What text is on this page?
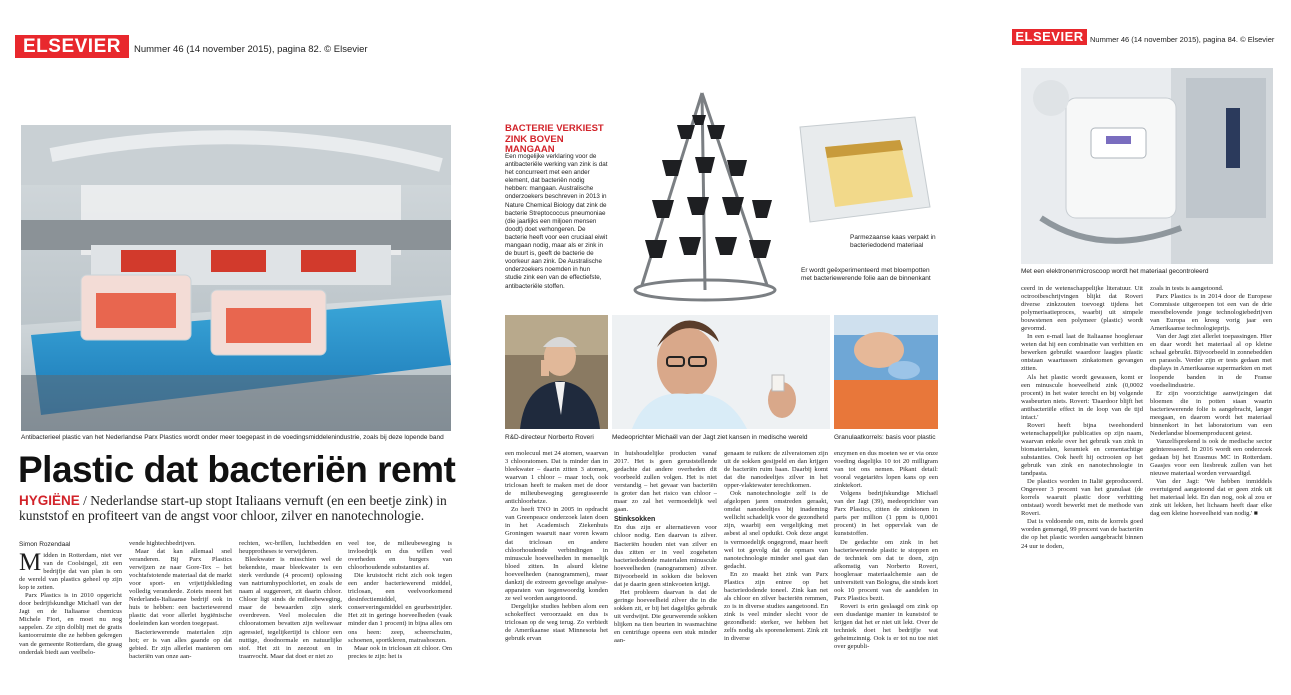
ELSEVIER	Nummer 46 (14 november 2015), pagina 82. © Elsevier
Antibacterieel plastic van het Nederlandse Parx Plastics wordt onder meer toegepast in de voedingsmiddelenindustrie, zoals bij deze lopende band
BACTERIE VERKIEST
ZINK BOVEN MANGAAN
Een mogelijke verklaring voor de antibacteriële werking van zink is dat het concurreert met een ander element, dat bacteriën nodig hebben: mangaan. Australische onderzoekers beschreven in 2013 in Nature Chemical Biology dat zink de bacterie Streptococcus pneumoniae (die jaarlijks een miljoen mensen doodt) doet verhongeren. De bacterie heeft voor een cruciaal eiwit mangaan nodig, maar als er zink in de buurt is, geeft de bacterie de voorkeur aan zink. De Australische onderzoekers noemden in hun studie zink een van de effectiefste, antibacteriële stoffen.
Er wordt geëxperimenteerd met bloempotten met bacteriewerende folie aan de binnenkant
Parmezaanse kaas verpakt in bacteriedodend materiaal
R&D-directeur Norberto Roveri	Medeoprichter Michaël van der Jagt ziet kansen in medische wereld	Granulaatkorrels: basis voor plastic
ELSEVIER Nummer 46 (14 november 2015), pagina 84. © Elsevier
Met een elektronenmicroscoop wordt het materiaal gecontroleerd
Plastic dat bacteriën remt
HYGIËNE / Nederlandse start-up stopt Italiaans vernuft (en een beetje zink) in kunststof en profiteert van de angst voor chloor, zilver en nanotechnologie.
Simon Rozendaal

Midden in Rotterdam, niet ver van de Coolsingel, zit een bedrijfje dat van plan is om de wereld van plastics geheel op zijn kop te zetten.

Parx Plastics is in 2010 opgericht door bedrijfskundige Michaël van der Jagt en de Italiaanse chemicus Michele Fiori, en moet nu nog sappelen. Ze zijn dolblij met de gratis kantoorruimte die ze hebben gekregen van de gemeente Rotterdam, die graag onderdak biedt aan veelbelo-

vende hightechbedrijven.

Maar dat kan allemaal snel veranderen. Bij Parx Plastics verwijzen ze naar Gore-Tex – het vochtafstotende materiaal dat de markt voor sport- en vrijetijdskleding volledig veranderde. Zoiets meent het Nederlands-Italiaanse bedrijf ook in huis te hebben: een bacteriewerend plastic dat voor allerlei hygiënische doeleinden kan worden toegepast.

Bacteriewerende materialen zijn hot; er is van alles gaande op dat gebied. Er zijn allerlei manieren om bacteriën van onze aan-

rechten, wc-brillen, luchtbedden en heupprotheses te verwijderen.

Bleekwater is misschien wel de bekendste, maar bleekwater is een sterk verdunde (4 procent) oplossing van natriumhypochloriet, en zoals de naam al suggereert, zit daarin chloor. Chloor ligt sinds de milieubeweging, maar de bewaarden zijn sterk overdreven. Veel moleculen die chlooratomen bevatten zijn weliswaar agressief, tegelijkertijd is chloor een nuttige, doodnormale en natuurlijke stof. Het zit in zeezout en in traanvocht. Maar dat doet er niet zo

veel toe, de milieubeweging is invloedrijk en dus willen veel overheden en burgers van chloorhoudende substanties af.

Die kruistocht richt zich ook tegen een ander bacteriewerend middel, triclosan, een veelvoorkomend desinfectiemiddel, conserveringsmiddel en geurbestrijder. Het zit in geringe hoeveelheden (vaak minder dan 1 procent) in bijna alles om ons heen: zeep, scheerschuim, schoenen, sportkleren, matrashoezen.

Maar ook in triclosan zit chloor. Om precies te zijn: het is

een molecuul met 24 atomen, waarvan 3 chlooratomen. Dat is minder dan in bleekwater – daarin zitten 3 atomen, waarvan 1 chloor – maar toch, ook triclosan heeft te maken met de door de milieubeweging geregisseerde antichloorhetze.

Zo heeft TNO in 2005 in opdracht van Greenpeace onderzoek laten doen in het Academisch Ziekenhuis Groningen waaruit naar voren kwam dat triclosan en andere chloorhoudende verbindingen in minuscule hoeveelheden in menselijk bloed zitten. In alsurd kleine hoeveelheden (nanogrammen), maar dankzij de extreem gevoelige analyse-apparaten van tegenwoordig konden ze wel worden aangetoond.

Dergelijke studies hebben alom een schokeffect veroorzaakt en dus is triclosan op de weg terug. Zo verbiedt de Amerikaanse staat Minnesota het gebruik ervan

in huishoudelijke producten vanaf 2017. Het is geen geruststellende gedachte dat andere overheden dit voorbeeld zullen volgen. Het is niet verstandig – het gevaar van bacteriën is groter dan het risico van chloor – maar zo zal het vermoedelijk wel gaan.

Stinksokken

En dus zijn er alternatieven voor chloor nodig. Een daarvan is zilver. Bacteriën houden niet van zilver en dus zitten er in veel zogeheten bacteriedodende materialen minuscule hoeveelheden (nanogrammen) zilver. Bijvoorbeeld in sokken die beloven dat je daarin geen stinkvoeten krijgt.

Het probleem daarvan is dat de geringe hoeveelheid zilver die in die sokken zit, er bij het dagelijks gebruik uit verdwijnt. Die geurwerende sokken blijken na tien beurten in wasmachine en centrifuge opeens een stuk minder aan-

genaam te ruiken: de zilveratomen zijn uit de sokken gesijpeld en dan krijgen de bacteriën ruim baan. Daarbij komt dat die nanodeeltjes zilver in het opper-vlaktewater terechtkomen.

Ook nanotechnologie zelf is de afgelopen jaren omstreden geraakt, omdat nanodeeltjes bij inademing wellicht schadelijk voor de gezondheid zijn, waarbij een vergelijking met asbest al snel opduikt. Ook deze angst is vermoedelijk ongegrond, maar heeft wel tot gevolg dat de opmars van nanotechnologie minder snel gaat dan gedacht.

En zo maakt het zink van Parx Plastics zijn entree op het bacteriedodende toneel. Zink kan net als chloor en zilver bacteriën remmen, zo is in diverse studies aangetoond. En zink is veel minder slecht voor de gezondheid: sterker, we hebben het zelfs nodig als sporenelement. Zink zit in diverse

enzymen en dus moeten we er via onze voeding dagelijks 10 tot 20 milligram van tot ons nemen. Pikant detail: vooral vegetariërs lopen kans op een zinktekort.

Volgens bedrijfskundige Michaël van der Jagt (39), medeoprichter van Parx Plastics, zitten de zinkionen in parts per million (1 ppm is 0,0001 procent) in het oppervlak van de kunststoffen.

De gedachte om zink in het bacteriewerende plastic te stoppen en de techniek om dat te doen, zijn afkomstig van Norberto Roveri, hoogleraar materiaalchemie aan de universiteit van Bologna, die sinds kort ook 10 procent van de aandelen in Parx Plastics bezit.

Roveri is erin geslaagd om zink op een dusdanige manier in kunststof te krijgen dat het er niet uit lekt. Over de techniek doet het bedrijfje wat geheimzinnig. Ook is er tot nu toe niet over gepubli-

ceerd in de wetenschappelijke literatuur. Uit octrooibeschrijvingen blijkt dat Roveri diverse zinkzouten toevoegt tijdens het polymerisatieproces, waarbij uit simpele bouwstenen een polymeer (plastic) wordt gevormd.

In een e-mail laat de Italiaanse hoogleraar weten dat hij een combinatie van verhitten en bewerken gebruikt waardoor laagjes plastic ontstaan waartussen zinkatomen gevangen zitten.

Als het plastic wordt gewassen, komt er een minuscule hoeveelheid zink (0,0002 procent) in het water terecht en bij volgende wasbeurten niets. Roveri: 'Daardoor blijft het antibacteriële effect in de loop van de tijd intact.'

Roveri heeft bijna tweehonderd wetenschappelijke publicaties op zijn naam, waarvan enkele over het gebruik van zink in biomaterialen, keramiek en cementachtige substanties. Ook heeft hij octrooien op het gebruik van zink en nanotechnologie in tandpasta.

De plastics worden in Italië geproduceerd. Ongeveer 3 procent van het granulaat (de korrels waaruit plastic door verhitting ontstaat) wordt bewerkt met de methode van Roveri.

Dat is voldoende om, mits de korrels goed worden gemengd, 99 procent van de bacteriën die op het plastic worden aangebracht binnen 24 uur te doden,

zoals in tests is aangetoond.

Parx Plastics is in 2014 door de Europese Commissie uitgeroepen tot een van de drie meestbelovende jonge technologiebedrijven van Europa en kreeg vorig jaar een Amerikaanse technologieprijs.

Van der Jagt ziet allerlei toepassingen. Hier en daar wordt het materiaal al op kleine schaal gebruikt. Bijvoorbeeld in zonnebedden en parasols. Verder zijn er tests gedaan met displays in Amerikaanse supermarkten en met loopende banden in de Franse voedselindustrie.

Er zijn voorzichtige aanwijzingen dat bloemen die in potten staan waarin bacteriewerende folie is aangebracht, langer meegaan, en daarom wordt het materiaal binnenkort in het laboratorium van een Nederlandse bloemenproducent getest.

Vanzelfsprekend is ook de medische sector geïnteresseerd. In 2016 wordt een onderzoek gedaan bij het Erasmus MC in Rotterdam. Gaasjes voor een liesbreuk zullen van het nieuwe materiaal worden vervaardigd.

Van der Jagt: 'We hebben inmiddels overtuigend aangetoond dat er geen zink uit het materiaal lekt. En dan nog, ook al zou er zink uit lekken, het lichaam heeft daar elke dag een kleine hoeveelheid van nodig.' ■
